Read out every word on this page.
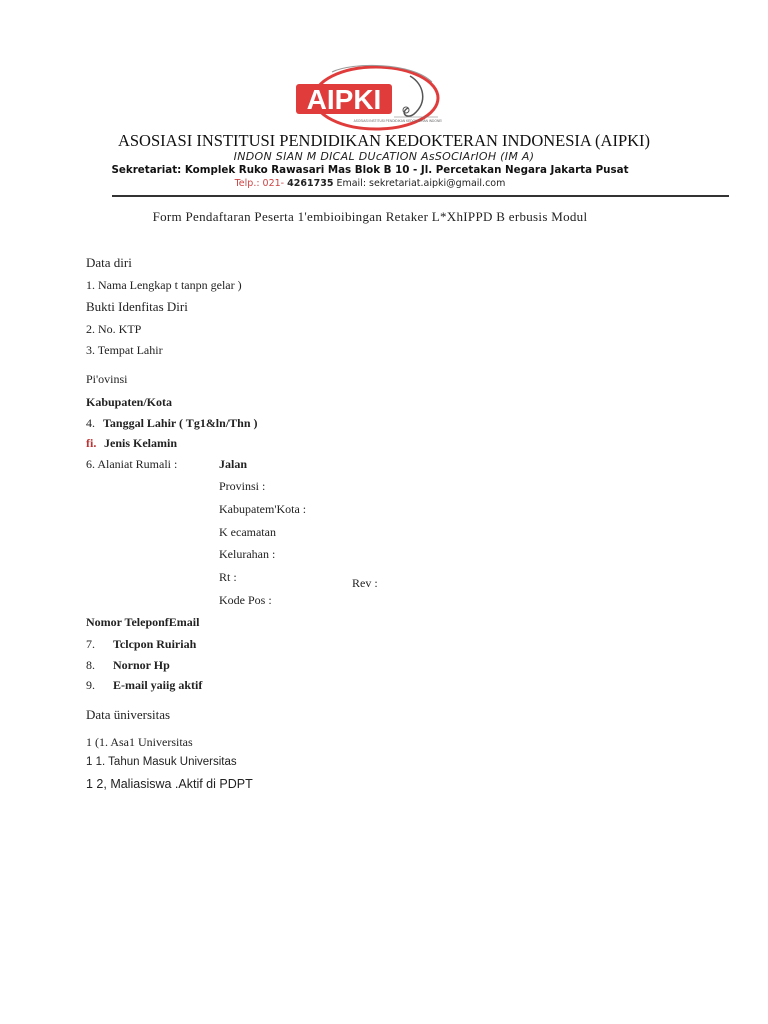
AIPKI
ASOSIASI INSTITUSI PENDIDIKAN KEDOKTERAN INDONESIA
ASOSIASI INSTITUSI PENDIDIKAN KEDOKTERAN INDONESIA (AIPKI)
INDON SIAN M DICAL DUcATION AsSOCIArIOH (IM A)
Sekretariat: Komplek Ruko Rawasari Mas Blok B 10 - Jl. Percetakan Negara Jakarta Pusat
Telp.: 021- 4261735 Email: sekretariat.aipki@gmail.com
Form Pendaftaran Peserta 1'embioibingan Retaker L*XhIPPD B erbusis Modul
Data diri
1. Nama Lengkap t tanpn gelar )
Bukti Idenfitas Diri
2. No. KTP
3. Tempat Lahir
Pi'ovinsi
Kabupaten/Kota
4. Tanggal Lahir ( Tg1&ln/Thn )
fi. Jenis Kelamin
6. Alaniat Rumali :	Jalan
Provinsi :
Kabupatem'Kota :
K ecamatan
Kelurahan :
Rt :	Rev :
Kode Pos :
Nomor TeleponfEmail
7. Tclcpon Ruiriah
8. Nornor Hp
9. E-mail yaiig aktif
Data üniversitas
1 (1. Asa1 Universitas
1 1. Tahun Masuk Universitas
1 2, Maliasiswa .Aktif di PDPT
